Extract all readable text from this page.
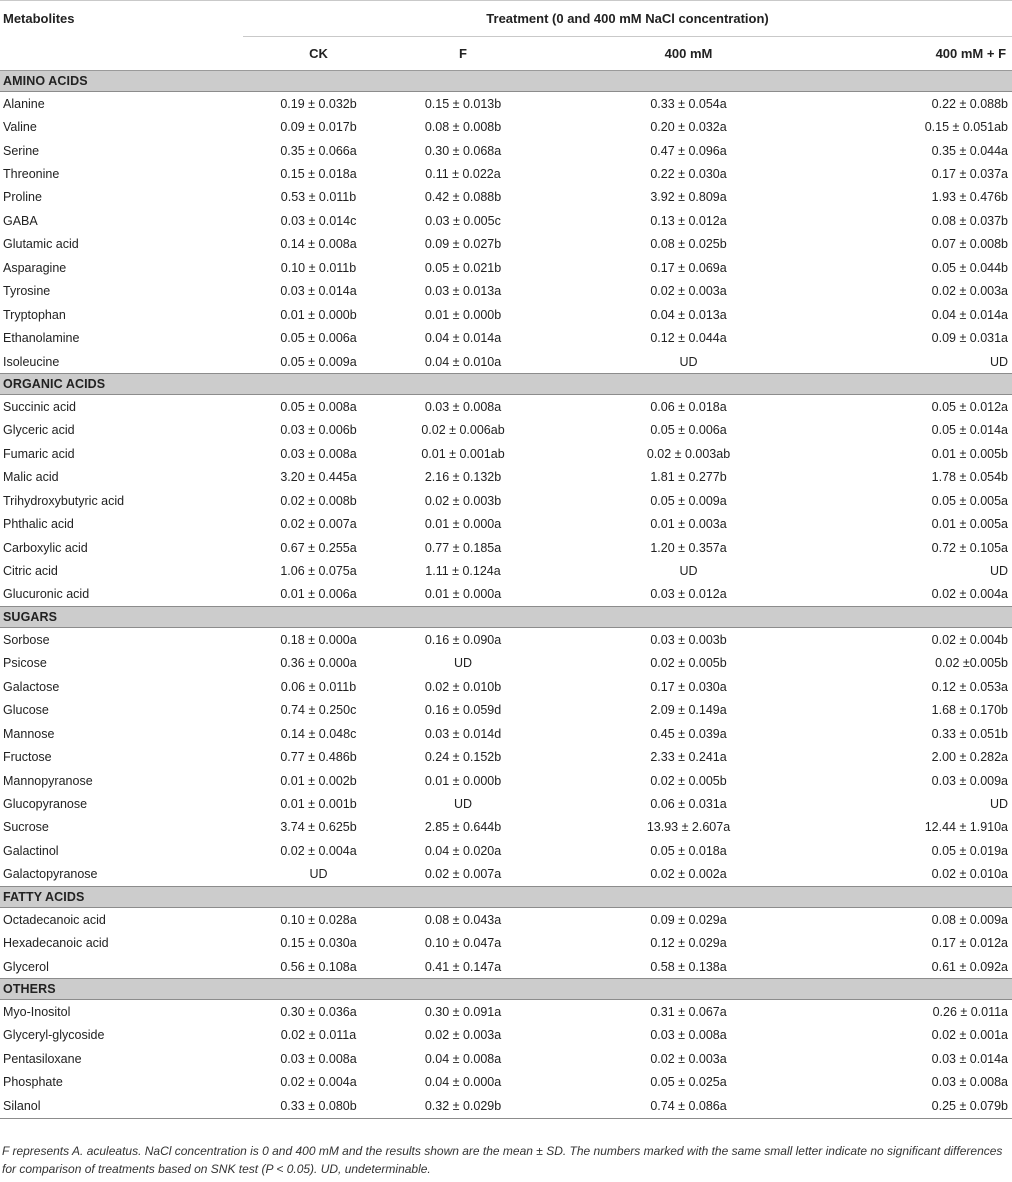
Metabolites	Treatment (0 and 400 mM NaCl concentration)			
	CK	F	400 mM	400 mM + F
AMINO ACIDS				
Alanine	0.19 ± 0.032b	0.15 ± 0.013b	0.33 ± 0.054a	0.22 ± 0.088b
Valine	0.09 ± 0.017b	0.08 ± 0.008b	0.20 ± 0.032a	0.15 ± 0.051ab
Serine	0.35 ± 0.066a	0.30 ± 0.068a	0.47 ± 0.096a	0.35 ± 0.044a
Threonine	0.15 ± 0.018a	0.11 ± 0.022a	0.22 ± 0.030a	0.17 ± 0.037a
Proline	0.53 ± 0.011b	0.42 ± 0.088b	3.92 ± 0.809a	1.93 ± 0.476b
GABA	0.03 ± 0.014c	0.03 ± 0.005c	0.13 ± 0.012a	0.08 ± 0.037b
Glutamic acid	0.14 ± 0.008a	0.09 ± 0.027b	0.08 ± 0.025b	0.07 ± 0.008b
Asparagine	0.10 ± 0.011b	0.05 ± 0.021b	0.17 ± 0.069a	0.05 ± 0.044b
Tyrosine	0.03 ± 0.014a	0.03 ± 0.013a	0.02 ± 0.003a	0.02 ± 0.003a
Tryptophan	0.01 ± 0.000b	0.01 ± 0.000b	0.04 ± 0.013a	0.04 ± 0.014a
Ethanolamine	0.05 ± 0.006a	0.04 ± 0.014a	0.12 ± 0.044a	0.09 ± 0.031a
Isoleucine	0.05 ± 0.009a	0.04 ± 0.010a	UD	UD
ORGANIC ACIDS				
Succinic acid	0.05 ± 0.008a	0.03 ± 0.008a	0.06 ± 0.018a	0.05 ± 0.012a
Glyceric acid	0.03 ± 0.006b	0.02 ± 0.006ab	0.05 ± 0.006a	0.05 ± 0.014a
Fumaric acid	0.03 ± 0.008a	0.01 ± 0.001ab	0.02 ± 0.003ab	0.01 ± 0.005b
Malic acid	3.20 ± 0.445a	2.16 ± 0.132b	1.81 ± 0.277b	1.78 ± 0.054b
Trihydroxybutyric acid	0.02 ± 0.008b	0.02 ± 0.003b	0.05 ± 0.009a	0.05 ± 0.005a
Phthalic acid	0.02 ± 0.007a	0.01 ± 0.000a	0.01 ± 0.003a	0.01 ± 0.005a
Carboxylic acid	0.67 ± 0.255a	0.77 ± 0.185a	1.20 ± 0.357a	0.72 ± 0.105a
Citric acid	1.06 ± 0.075a	1.11 ± 0.124a	UD	UD
Glucuronic acid	0.01 ± 0.006a	0.01 ± 0.000a	0.03 ± 0.012a	0.02 ± 0.004a
SUGARS				
Sorbose	0.18 ± 0.000a	0.16 ± 0.090a	0.03 ± 0.003b	0.02 ± 0.004b
Psicose	0.36 ± 0.000a	UD	0.02 ± 0.005b	0.02 ±0.005b
Galactose	0.06 ± 0.011b	0.02 ± 0.010b	0.17 ± 0.030a	0.12 ± 0.053a
Glucose	0.74 ± 0.250c	0.16 ± 0.059d	2.09 ± 0.149a	1.68 ± 0.170b
Mannose	0.14 ± 0.048c	0.03 ± 0.014d	0.45 ± 0.039a	0.33 ± 0.051b
Fructose	0.77 ± 0.486b	0.24 ± 0.152b	2.33 ± 0.241a	2.00 ± 0.282a
Mannopyranose	0.01 ± 0.002b	0.01 ± 0.000b	0.02 ± 0.005b	0.03 ± 0.009a
Glucopyranose	0.01 ± 0.001b	UD	0.06 ± 0.031a	UD
Sucrose	3.74 ± 0.625b	2.85 ± 0.644b	13.93 ± 2.607a	12.44 ± 1.910a
Galactinol	0.02 ± 0.004a	0.04 ± 0.020a	0.05 ± 0.018a	0.05 ± 0.019a
Galactopyranose	UD	0.02 ± 0.007a	0.02 ± 0.002a	0.02 ± 0.010a
FATTY ACIDS				
Octadecanoic acid	0.10 ± 0.028a	0.08 ± 0.043a	0.09 ± 0.029a	0.08 ± 0.009a
Hexadecanoic acid	0.15 ± 0.030a	0.10 ± 0.047a	0.12 ± 0.029a	0.17 ± 0.012a
Glycerol	0.56 ± 0.108a	0.41 ± 0.147a	0.58 ± 0.138a	0.61 ± 0.092a
OTHERS				
Myo-Inositol	0.30 ± 0.036a	0.30 ± 0.091a	0.31 ± 0.067a	0.26 ± 0.011a
Glyceryl-glycoside	0.02 ± 0.011a	0.02 ± 0.003a	0.03 ± 0.008a	0.02 ± 0.001a
Pentasiloxane	0.03 ± 0.008a	0.04 ± 0.008a	0.02 ± 0.003a	0.03 ± 0.014a
Phosphate	0.02 ± 0.004a	0.04 ± 0.000a	0.05 ± 0.025a	0.03 ± 0.008a
Silanol	0.33 ± 0.080b	0.32 ± 0.029b	0.74 ± 0.086a	0.25 ± 0.079b
F represents A. aculeatus. NaCl concentration is 0 and 400 mM and the results shown are the mean ± SD. The numbers marked with the same small letter indicate no significant differences for comparison of treatments based on SNK test (P < 0.05). UD, undeterminable.
